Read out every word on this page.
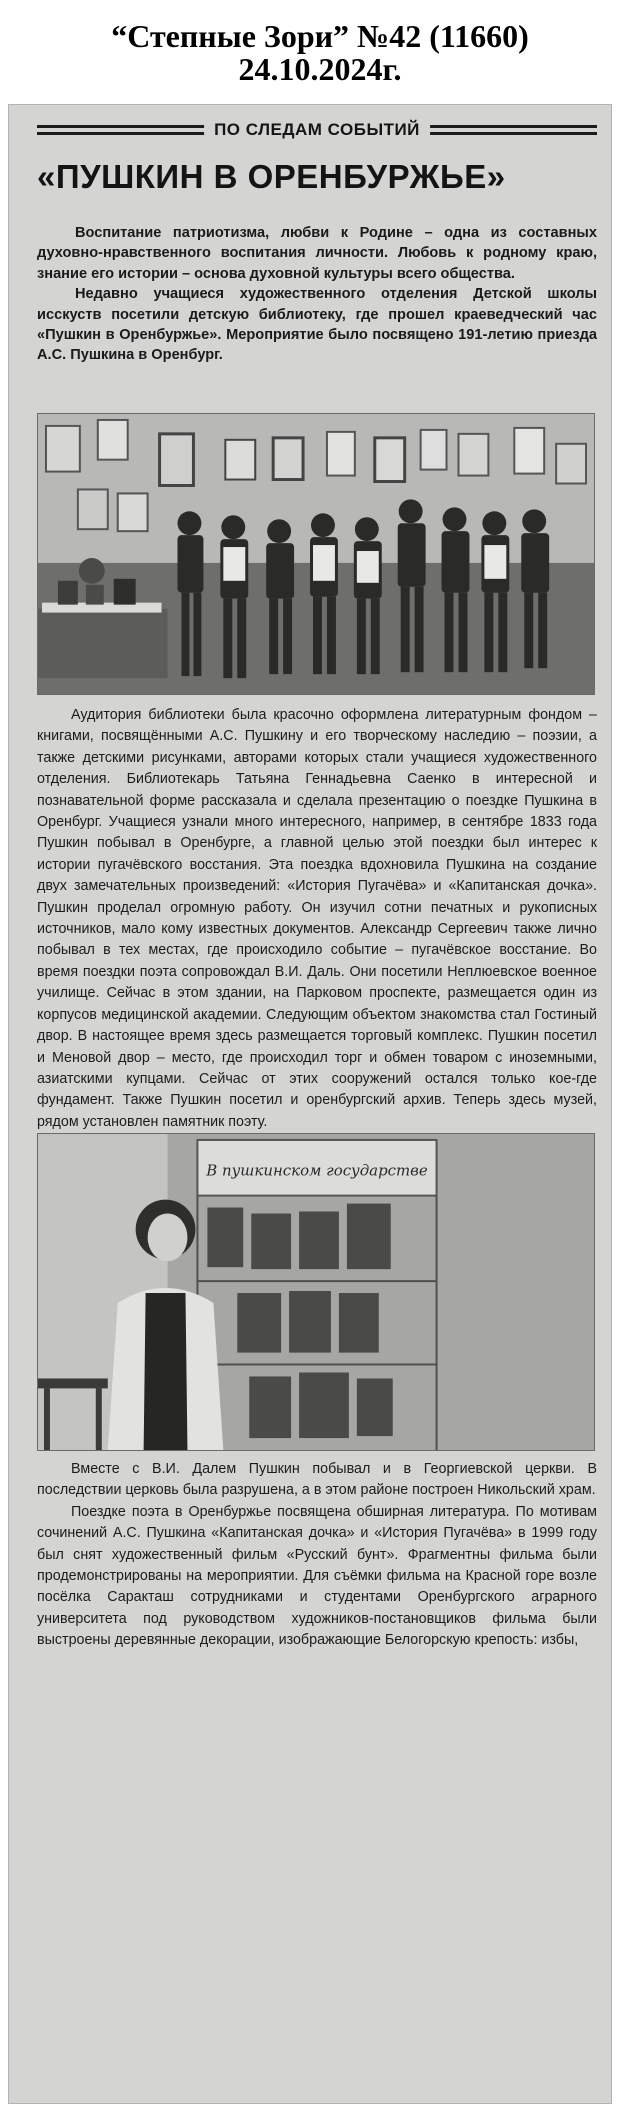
“Степные Зори” №42 (11660)
24.10.2024г.
ПО СЛЕДАМ СОБЫТИЙ
«ПУШКИН В ОРЕНБУРЖЬЕ»

Воспитание патриотизма, любви к Родине – одна из составных духовно-нравственного воспитания личности. Любовь к родному краю, знание его истории – основа духовной культуры всего общества.

Недавно учащиеся художественного отделения Детской школы исскуств посетили детскую библиотеку, где прошел краеведческий час «Пушкин в Оренбуржье». Мероприятие было посвящено 191-летию приезда А.С. Пушкина в Оренбург.

Аудитория библиотеки была красочно оформлена литературным фондом – книгами, посвящёнными А.С. Пушкину и его творческому наследию – поэзии, а также детскими рисунками, авторами которых стали учащиеся художественного отделения. Библиотекарь Татьяна Геннадьевна Саенко в интересной и познавательной форме рассказала и сделала презентацию о поездке Пушкина в Оренбург. Учащиеся узнали много интересного, например, в сентябре 1833 года Пушкин побывал в Оренбурге, а главной целью этой поездки был интерес к истории пугачёвского восстания. Эта поездка вдохновила Пушкина на создание двух замечательных произведений: «История Пугачёва» и «Капитанская дочка». Пушкин проделал огромную работу. Он изучил сотни печатных и рукописных источников, мало кому известных документов. Александр Сергеевич также лично побывал в тех местах, где происходило событие – пугачёвское восстание. Во время поездки поэта сопровождал В.И. Даль. Они посетили Неплюевское военное училище. Сейчас в этом здании, на Парковом проспекте, размещается один из корпусов медицинской академии. Следующим объектом знакомства стал Гостиный двор. В настоящее время здесь размещается торговый комплекс. Пушкин посетил и Меновой двор – место, где происходил торг и обмен товаром с иноземными, азиатскими купцами. Сейчас от этих сооружений остался только кое-где фундамент. Также Пушкин посетил и оренбургский архив. Теперь здесь музей, рядом установлен памятник поэту.

В пушкинском государстве

Вместе с В.И. Далем Пушкин побывал и в Георгиевской церкви. В последствии церковь была разрушена, а в этом районе построен Никольский храм.

Поездке поэта в Оренбуржье посвящена обширная литература. По мотивам сочинений А.С. Пушкина «Капитанская дочка» и «История Пугачёва» в 1999 году был снят художественный фильм «Русский бунт». Фрагментны фильма были продемонстрированы на мероприятии. Для съёмки фильма на Красной горе возле посёлка Саракташ сотрудниками и студентами Оренбургского аграрного университета под руководством художников-постановщиков фильма были выстроены деревянные декорации, изображающие Белогорскую крепость: избы,
